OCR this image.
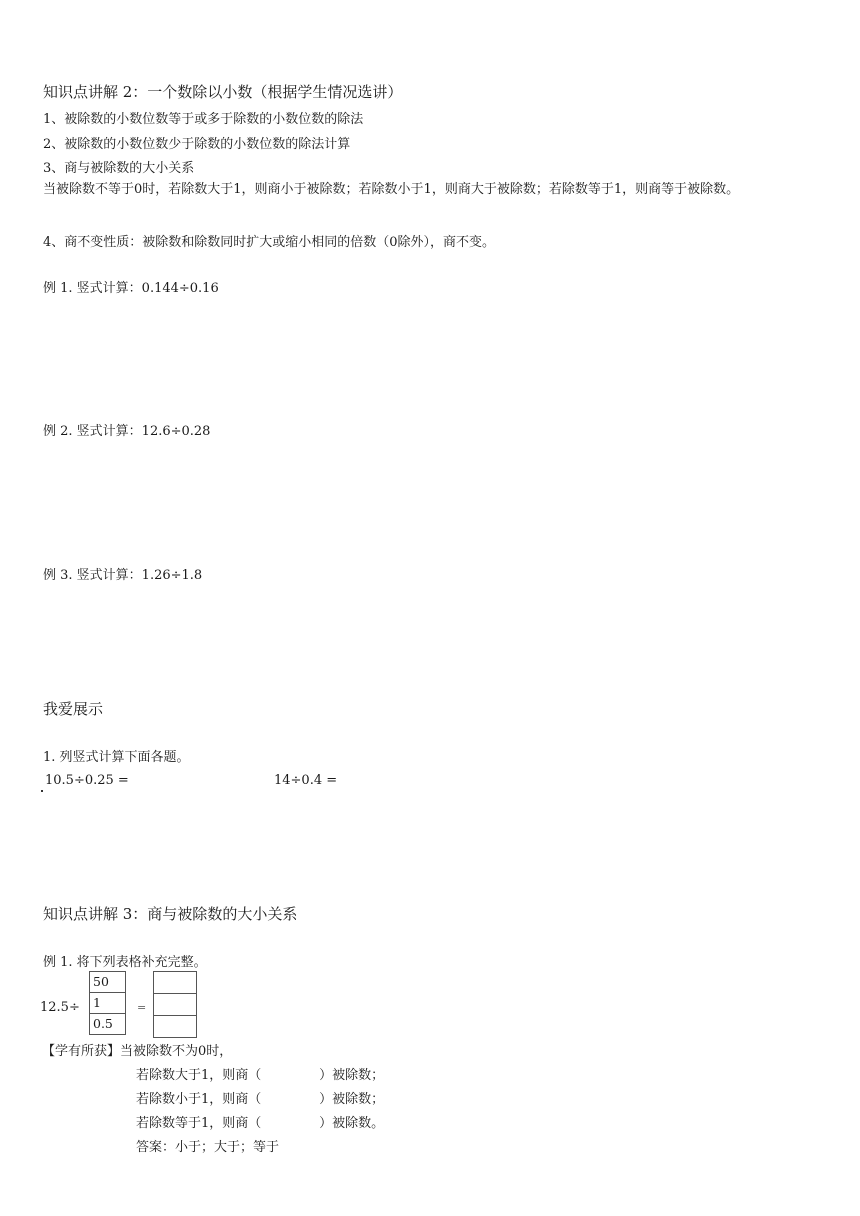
知识点讲解 2：一个数除以小数（根据学生情况选讲）
1、被除数的小数位数等于或多于除数的小数位数的除法
2、被除数的小数位数少于除数的小数位数的除法计算
3、商与被除数的大小关系
当被除数不等于0时，若除数大于1，则商小于被除数；若除数小于1，则商大于被除数；若除数等于1，则商等于被除数。
4、商不变性质：被除数和除数同时扩大或缩小相同的倍数（0除外），商不变。
例 1. 竖式计算：0.144÷0.16
例 2. 竖式计算：12.6÷0.28
例 3. 竖式计算：1.26÷1.8
我爱展示
1. 列竖式计算下面各题。
10.5÷0.25 =	14÷0.4 =
知识点讲解 3：商与被除数的大小关系
例 1. 将下列表格补充完整。
12.5÷
50
1
0.5
=
【学有所获】当被除数不为0时，
若除数大于1，则商（              ）被除数；
若除数小于1，则商（              ）被除数；
若除数等于1，则商（              ）被除数。
答案：小于；大于；等于
